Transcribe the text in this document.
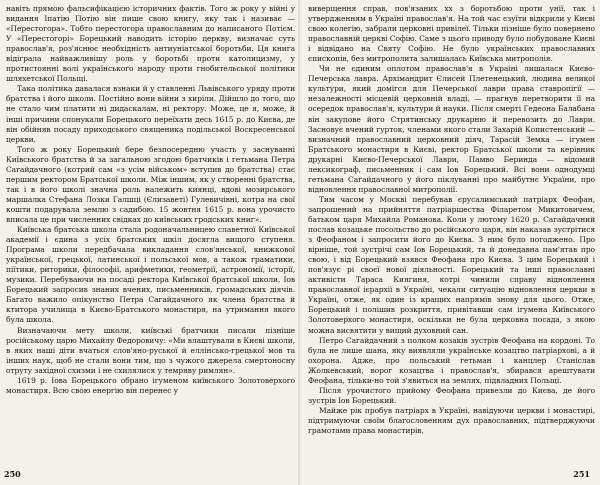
навіть прямою фальсифікацією історичних фактів. Того ж року у війні у видання Іпатію Потію він пише свою книгу, яку так і називає — «Перестогора». Тобто перестогора православним до написаного Потієм. У «Перестогорі» Борецький наводить історію церкву, визначає суть православ'я, роз'яснює необхідність антиуніатської боротьби. Ця книга відіграла найважливішу роль у боротьбі проти католицизму, у протистоянні волі українського народу проти гнобительської політики шляхетської Польщі.

Така політика давалася взнаки й у ставленні Львівського уряду проти братства і його школи. Постійно вони війни з хиріли. Дійшло до того, що не стало чим платити ні дидаскалам, ні ректору. Може, це я, може, й інші причини спонукали Борецького переїхати десь 1615 р. до Києва, де він обійняв посаду приходського священика подільської Воскресенської церкви.

Того ж року Борецький бере безпосередню участь у заснуванні Київського братства й за загальною згодою братчиків і гетьмана Петра Сагайдачного (котрий сам «з усім військом» вступив до братства) стає першим ректором Братської школи. Між іншим, як у створенні братства, так і в його школі значна роль належить киянці, вдові мозирського маршалка Стефана Лозки Галшці (Єлизаветі) Гулевичівні, котра на свої кошти подарувала землю з садибою. 15 жовтня 1615 р. вона урочисто вписала це при численних свідках до київських гродських книг».

Київська братська школа стала родоначальницею славетної Київської академії і єдина з усіх братських шкіл досягла вищого ступеня. Програма школи передбачала викладання слов'янської, книжкової української, грецької, латинської і польської мов, а також граматики, піїтики, риторики, філософії, арифметики, геометрії, астрономії, історії, музики. Перебуваючи на посаді ректора Київської братської школи, Іов Борецький запросив знаних вчених, письменників, громадських діячів. Багато важило опікунство Петра Сагайдачного як члена братства й ктитора училища в Києво-Братського монастиря, на утримання якого була школа.

Визначаючи мету школи, київські братчики писали пізніше російському царю Михайлу Федоровичу: «Ми влаштували в Києві школи, в яких наші діти вчаться слов'яно-руської й еллінсько-грецької мов та інших наук, щоб не стали вони тим, що з чужого джерела смертоносну отруту західної схизми і не схилялися у темряву римлян».

1619 р. Іова Борецького обрано ігуменом київського Золотоверхого монастиря. Всю свою енергію він перенес у

250

виверщення справ, пов'язаних хх з боротьбою проти унії, так і утвердженням в Україні православ'я. На той час єзуїти відкрили у Києві свою колегію, забрали церковні привілеї. Тільки пізніше було повернено православній церкві Софію. Саме з цього приводу було побудоване Києві і відвідано на Святу Софію. Не було українських православних єпископів, без митрополита залишалась Київська митрополія.

Чи не єдиним оплотом православ'я в Україні лишалася Києво-Печерська лавра. Архімандрит Єлисей Плетенецький, людина великої культури, який домігся для Печерської лаври права ставропігії — незалежності місцевій церковній владі, — прагнув перетворити її на осередок православ'я, культури й науки. Після смерті Гедеона Балабана він закупове його Стрятинську друкарню й перевозить до Лаври. Засновує вчений гурток, членами якого стали Захарій Копистенський — визначний православний церковний діяч, Тарасій Земка — ігумен Братського монастиря в Києві, ректор Братської школи та керівник друкарні Києво-Печерської Лаври, Памво Беринда — відомий лексикограф, письменник і сам Іов Борецький. Всі вони однодумці гетьмана Сагайдачного у його піклуванні про майбутнє України, про відновлення православної митрополії.

Тим часом у Москві перебував єрусалимський патріарх Феофан, запрошений на прийняття патріаршества Філаретом Микитовичем, батьком царя Михайла Романова. Коли у лютому 1620 р. Сагайдачний послав козацьке посольство до російського царя, він наказав зустрітися з Феофаном і запросити його до Києва. З ним було погоджено. Про вірніше, той зустрічі сам Іов Борецький, та й донедавна пам'ятав про свою, і від Борецький взявся Феофана про Києва. З цим Борецький і пов'язує рі своєї нової діяльності. Борецький та інші православні активісти Тараса Киягиня, котрі чинили справу відновлення православної ієрархії в Україні, чекали ситуацію відновлення церкви в Україні, отже, як один із кращих напрямів знову для цього. Отже, Борецький і полішив розкриття, привітавши сам ігумена Київського Золотоверхого монастиря, оскільки не була церковна посада, з якою можна висвятити у вищий духовний сан.

Петро Сагайдачний з полком козаків зустрів Феофана на кордоні. То була не лише шана, яку виявляли українське козацтво патріархові, а й охорона. Адже, про польський гетьман і канцлер Станіслав Жолкевський, ворог козацтва і православ'я, збирався арештувати Феофана, тільки-но той з'явиться на землях, підвладних Польщі.

Після урочистого прийому Феофана привезли до Києва, де його зустрів Іов Борецький.

Майже рік пробув патріарх в Україні, навідуючи церкви і монастирі, підтримуючи своїм благословенням дух православних, підтверджуючи грамотами права монастирів,

251
